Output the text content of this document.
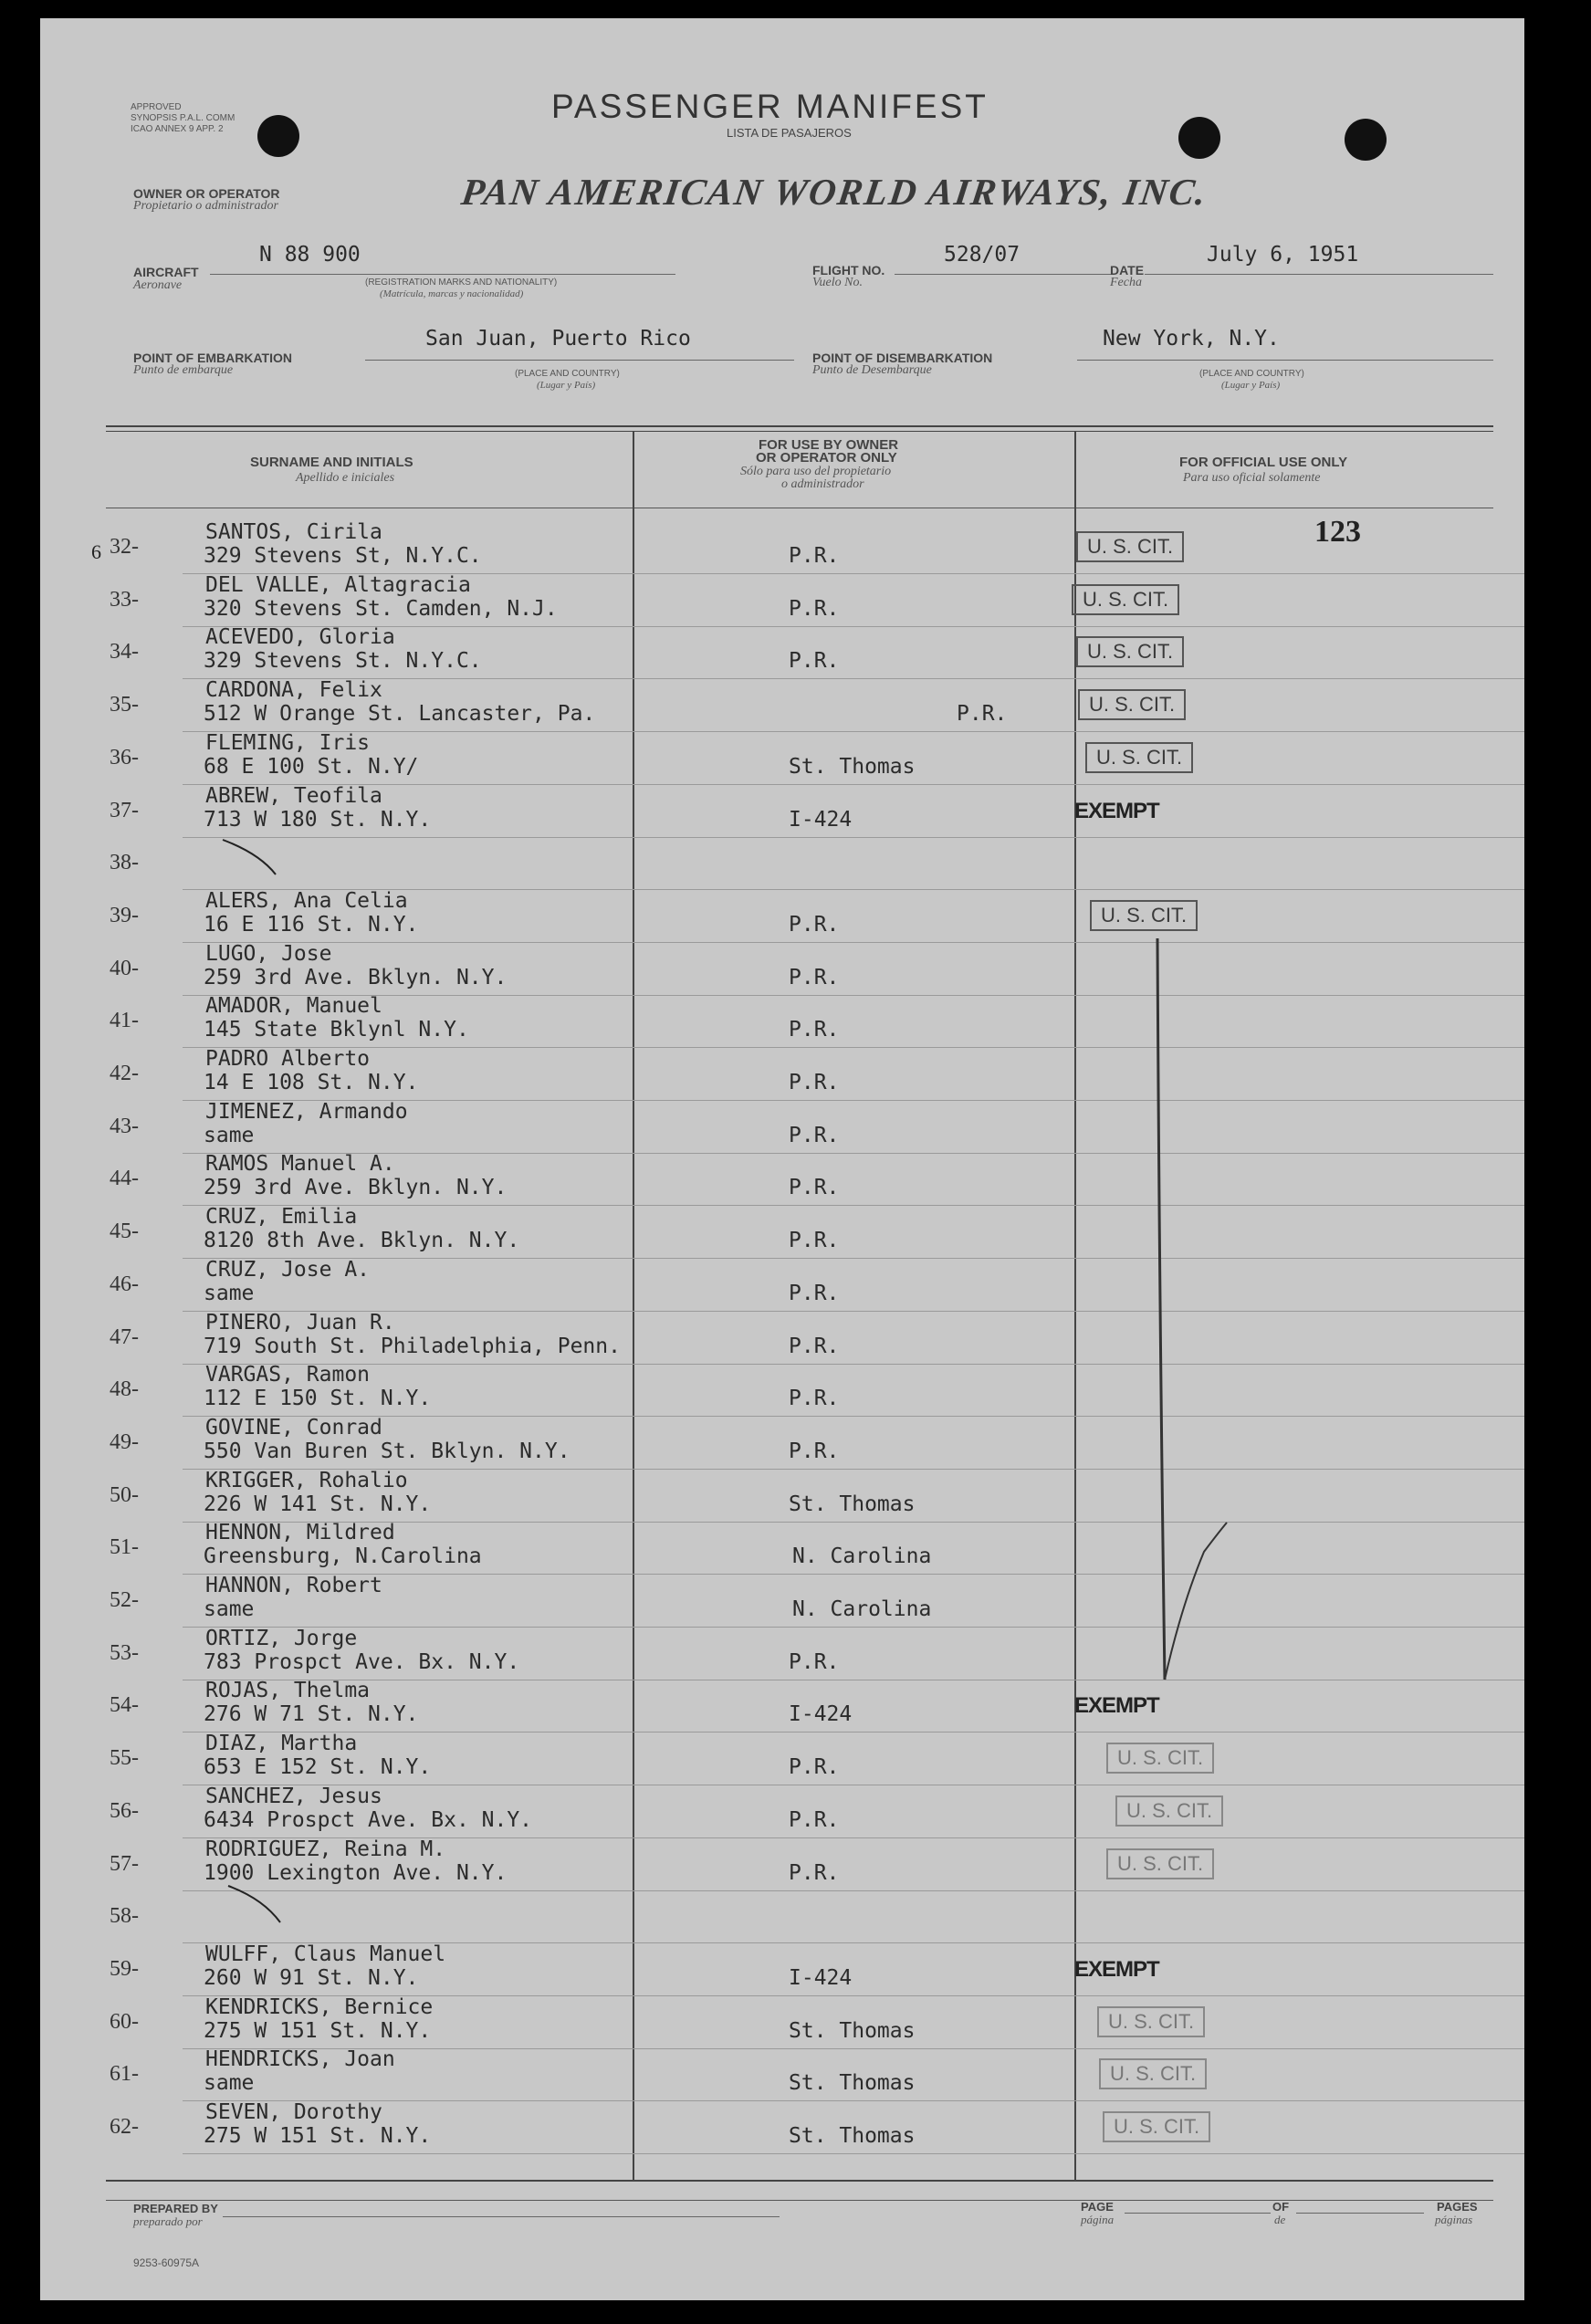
APPROVED
SYNOPSIS P.A.L. COMM
ICAO ANNEX 9 APP. 2
PASSENGER MANIFEST
LISTA DE PASAJEROS
OWNER OR OPERATOR
Propietario o administrador	PAN AMERICAN WORLD AIRWAYS, INC.
AIRCRAFT
Aeronave
N 88 900
(REGISTRATION MARKS AND NATIONALITY)
(Matrícula, marcas y nacionalidad)
FLIGHT NO.
Vuelo No.
528/07
DATE
Fecha
July 6, 1951
POINT OF EMBARKATION
Punto de embarque
San Juan, Puerto Rico
(PLACE AND COUNTRY)
(Lugar y País)
POINT OF DISEMBARKATION
Punto de Desembarque
New York, N.Y.
(PLACE AND COUNTRY)
(Lugar y País)
SURNAME AND INITIALS
Apellido e iniciales
FOR USE BY OWNER
OR OPERATOR ONLY
Sólo para uso del propietario
o administrador
FOR OFFICIAL USE ONLY
Para uso oficial solamente
6
123
32-
SANTOS, Cirila
329 Stevens St, N.Y.C.	P.R.	U. S. CIT.
33-
DEL VALLE, Altagracia
320 Stevens St. Camden, N.J.	P.R.	U. S. CIT.
34-
ACEVEDO, Gloria
329 Stevens St. N.Y.C.	P.R.	U. S. CIT.
35-
CARDONA, Felix
512 W Orange St. Lancaster, Pa.	P.R.	U. S. CIT.
36-
FLEMING, Iris
68 E 100 St. N.Y/	St. Thomas	U. S. CIT.
37-
ABREW, Teofila
713 W 180 St. N.Y.	I-424	EXEMPT
38-
39-
ALERS, Ana Celia
16 E 116 St. N.Y.	P.R.	U. S. CIT.
40-
LUGO, Jose
259 3rd Ave. Bklyn. N.Y.	P.R.
41-
AMADOR, Manuel
145 State Bklynl N.Y.	P.R.
42-
PADRO Alberto
14 E 108 St. N.Y.	P.R.
43-
JIMENEZ, Armando
same	P.R.
44-
RAMOS Manuel A.
259 3rd Ave. Bklyn. N.Y.	P.R.
45-
CRUZ, Emilia
8120 8th Ave. Bklyn. N.Y.	P.R.
46-
CRUZ, Jose A.
same	P.R.
47-
PINERO, Juan R.
719 South St. Philadelphia, Penn.	P.R.
48-
VARGAS, Ramon
112 E 150 St. N.Y.	P.R.
49-
GOVINE, Conrad
550 Van Buren St. Bklyn. N.Y.	P.R.
50-
KRIGGER, Rohalio
226 W 141 St. N.Y.	St. Thomas
51-
HENNON, Mildred
Greensburg, N.Carolina	N. Carolina
52-
HANNON, Robert
same	N. Carolina
53-
ORTIZ, Jorge
783 Prospct Ave. Bx. N.Y.	P.R.
54-
ROJAS, Thelma
276 W 71 St. N.Y.	I-424	EXEMPT
55-
DIAZ, Martha
653 E 152 St. N.Y.	P.R.	U. S. CIT.
56-
SANCHEZ, Jesus
6434 Prospct Ave. Bx. N.Y.	P.R.	U. S. CIT.
57-
RODRIGUEZ, Reina M.
1900 Lexington Ave. N.Y.	P.R.	U. S. CIT.
58-
59-
WULFF, Claus Manuel
260 W 91 St. N.Y.	I-424	EXEMPT
60-
KENDRICKS, Bernice
275 W 151 St. N.Y.	St. Thomas	U. S. CIT.
61-
HENDRICKS, Joan
same	St. Thomas	U. S. CIT.
62-
SEVEN, Dorothy
275 W 151 St. N.Y.	St. Thomas	U. S. CIT.
PREPARED BY
preparado por
PAGE
página
OF
de
PAGES
páginas
9253-60975A
